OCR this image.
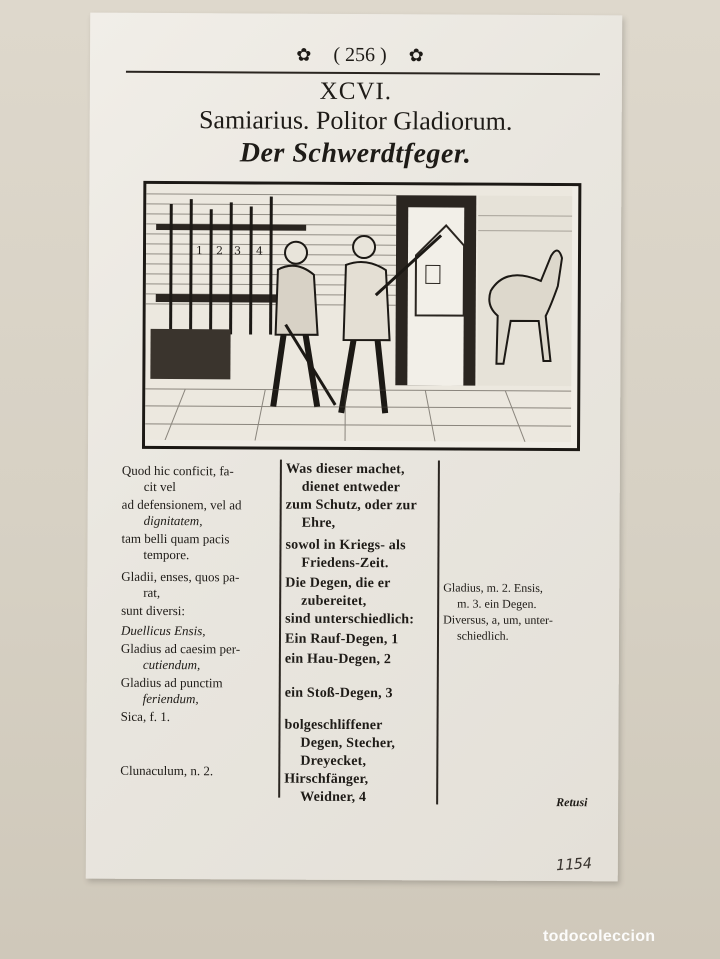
✿ ( 256 ) ✿
XCVI.
Samiarius. Politor Gladiorum.
Der Schwerdtfeger.
1 2 3 4
Quod hic conficit, fa-
cit vel
ad defensionem, vel ad
dignitatem,
tam belli quam pacis
tempore.
Gladii, enses, quos pa-
rat,
sunt diversi:
Duellicus Ensis,
Gladius ad caesim per-
cutiendum,
Gladius ad punctim
feriendum,
Sica, f. 1.
Clunaculum, n. 2.
Was dieser machet,
dienet entweder
zum Schutz, oder zur
Ehre,
sowol in Kriegs- als
Friedens-Zeit.
Die Degen, die er
zubereitet,
sind unterschiedlich:
Ein Rauf-Degen, 1
ein Hau-Degen, 2
ein Stoß-Degen, 3
bolgeschliffener
Degen, Stecher,
Dreyecket,
Hirschfänger,
Weidner, 4
Gladius, m. 2. Ensis,
m. 3. ein Degen.
Diversus, a, um, unter-
schiedlich.
Retusi
1154
todocoleccion
